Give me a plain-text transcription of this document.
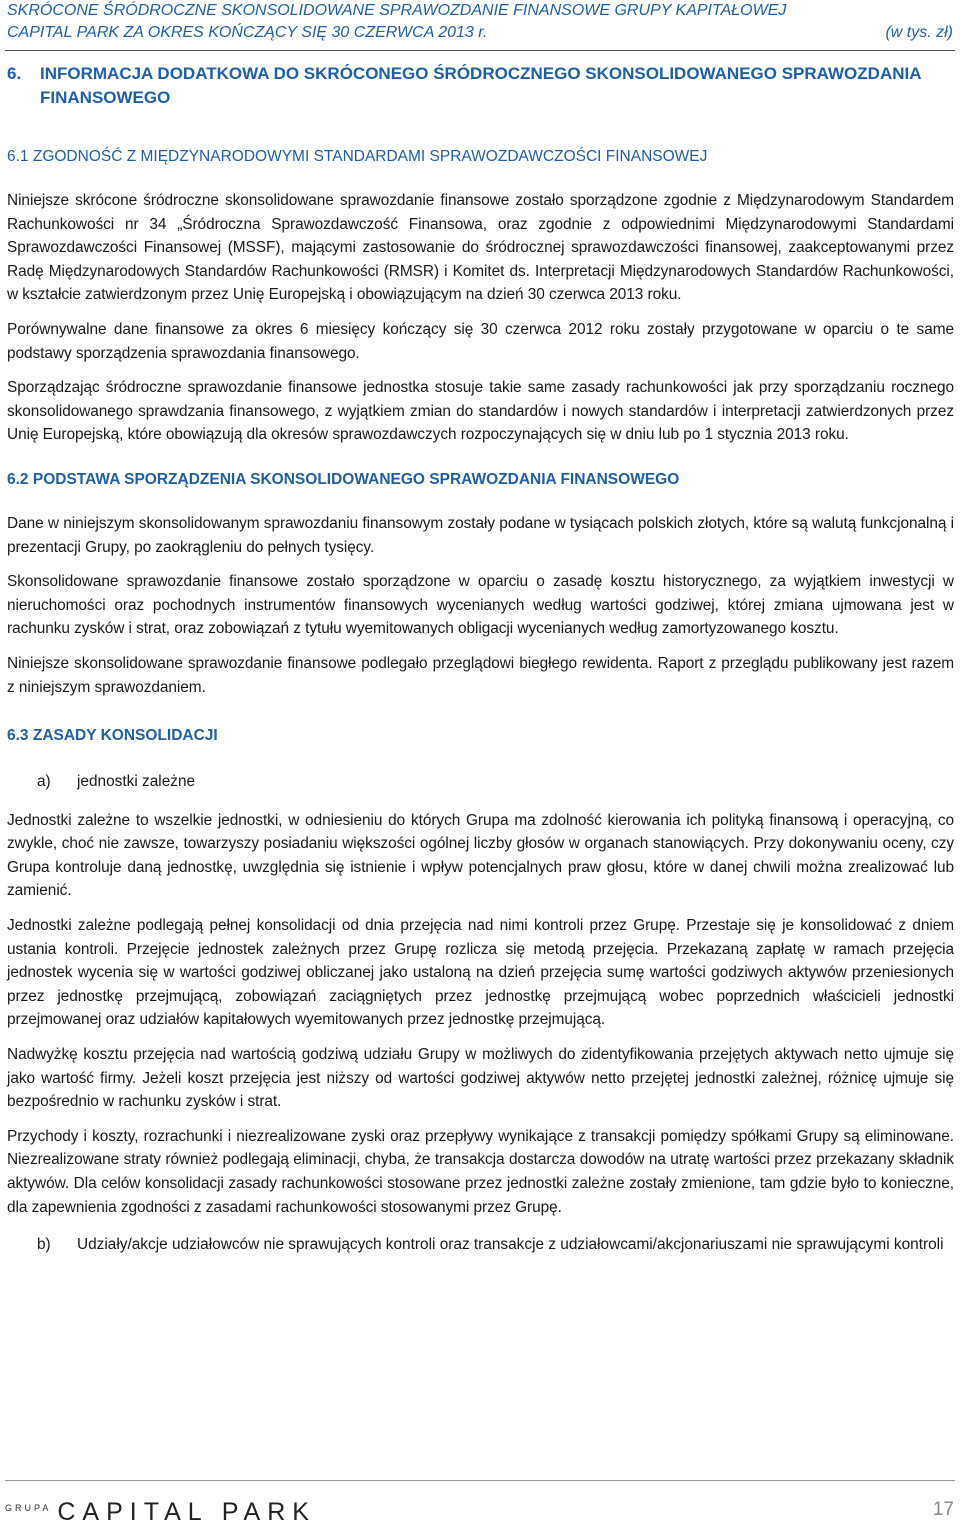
SKRÓCONE ŚRÓDROCZNE SKONSOLIDOWANE SPRAWOZDANIE FINANSOWE GRUPY KAPITAŁOWEJ
CAPITAL PARK ZA OKRES KOŃCZĄCY SIĘ 30 CZERWCA 2013 r.	(w tys. zł)
6.	INFORMACJA DODATKOWA DO SKRÓCONEGO ŚRÓDROCZNEGO SKONSOLIDOWANEGO SPRAWOZDANIA FINANSOWEGO
6.1 ZGODNOŚĆ Z MIĘDZYNARODOWYMI STANDARDAMI SPRAWOZDAWCZOŚCI FINANSOWEJ

Niniejsze skrócone śródroczne skonsolidowane sprawozdanie finansowe zostało sporządzone zgodnie z Międzynarodowym Standardem Rachunkowości nr 34 „Śródroczna Sprawozdawczość Finansowa, oraz zgodnie z odpowiednimi Międzynarodowymi Standardami Sprawozdawczości Finansowej (MSSF), mającymi zastosowanie do śródrocznej sprawozdawczości finansowej, zaakceptowanymi przez Radę Międzynarodowych Standardów Rachunkowości (RMSR) i Komitet ds. Interpretacji Międzynarodowych Standardów Rachunkowości, w kształcie zatwierdzonym przez Unię Europejską i obowiązującym na dzień 30 czerwca 2013 roku.

Porównywalne dane finansowe za okres 6 miesięcy kończący się 30 czerwca 2012 roku zostały przygotowane w oparciu o te same podstawy sporządzenia sprawozdania finansowego.

Sporządzając śródroczne sprawozdanie finansowe jednostka stosuje takie same zasady rachunkowości jak przy sporządzaniu rocznego skonsolidowanego sprawdzania finansowego, z wyjątkiem zmian do standardów i nowych standardów i interpretacji zatwierdzonych przez Unię Europejską, które obowiązują dla okresów sprawozdawczych rozpoczynających się w dniu lub po 1 stycznia 2013 roku.

6.2 PODSTAWA SPORZĄDZENIA SKONSOLIDOWANEGO SPRAWOZDANIA FINANSOWEGO

Dane w niniejszym skonsolidowanym sprawozdaniu finansowym zostały podane w tysiącach polskich złotych, które są walutą funkcjonalną i prezentacji Grupy, po zaokrągleniu do pełnych tysięcy.

Skonsolidowane sprawozdanie finansowe zostało sporządzone w oparciu o zasadę kosztu historycznego, za wyjątkiem inwestycji w nieruchomości oraz pochodnych instrumentów finansowych wycenianych według wartości godziwej, której zmiana ujmowana jest w rachunku zysków i strat, oraz zobowiązań z tytułu wyemitowanych obligacji wycenianych według zamortyzowanego kosztu.

Niniejsze skonsolidowane sprawozdanie finansowe podlegało przeglądowi biegłego rewidenta. Raport z przeglądu publikowany jest razem z niniejszym sprawozdaniem.

6.3 ZASADY KONSOLIDACJI
a)	jednostki zależne

Jednostki zależne to wszelkie jednostki, w odniesieniu do których Grupa ma zdolność kierowania ich polityką finansową i operacyjną, co zwykle, choć nie zawsze, towarzyszy posiadaniu większości ogólnej liczby głosów w organach stanowiących. Przy dokonywaniu oceny, czy Grupa kontroluje daną jednostkę, uwzględnia się istnienie i wpływ potencjalnych praw głosu, które w danej chwili można zrealizować lub zamienić.

Jednostki zależne podlegają pełnej konsolidacji od dnia przejęcia nad nimi kontroli przez Grupę. Przestaje się je konsolidować z dniem ustania kontroli. Przejęcie jednostek zależnych przez Grupę rozlicza się metodą przejęcia. Przekazaną zapłatę w ramach przejęcia jednostek wycenia się w wartości godziwej obliczanej jako ustaloną na dzień przejęcia sumę wartości godziwych aktywów przeniesionych przez jednostkę przejmującą, zobowiązań zaciągniętych przez jednostkę przejmującą wobec poprzednich właścicieli jednostki przejmowanej oraz udziałów kapitałowych wyemitowanych przez jednostkę przejmującą.

Nadwyżkę kosztu przejęcia nad wartością godziwą udziału Grupy w możliwych do zidentyfikowania przejętych aktywach netto ujmuje się jako wartość firmy. Jeżeli koszt przejęcia jest niższy od wartości godziwej aktywów netto przejętej jednostki zależnej, różnicę ujmuje się bezpośrednio w rachunku zysków i strat.

Przychody i koszty, rozrachunki i niezrealizowane zyski oraz przepływy wynikające z transakcji pomiędzy spółkami Grupy są eliminowane. Niezrealizowane straty również podlegają eliminacji, chyba, że transakcja dostarcza dowodów na utratę wartości przez przekazany składnik aktywów. Dla celów konsolidacji zasady rachunkowości stosowane przez jednostki zależne zostały zmienione, tam gdzie było to konieczne, dla zapewnienia zgodności z zasadami rachunkowości stosowanymi przez Grupę.

b)	Udziały/akcje udziałowców nie sprawujących kontroli oraz transakcje z udziałowcami/akcjonariuszami nie sprawującymi kontroli
GRUPA CAPITAL PARK	17
